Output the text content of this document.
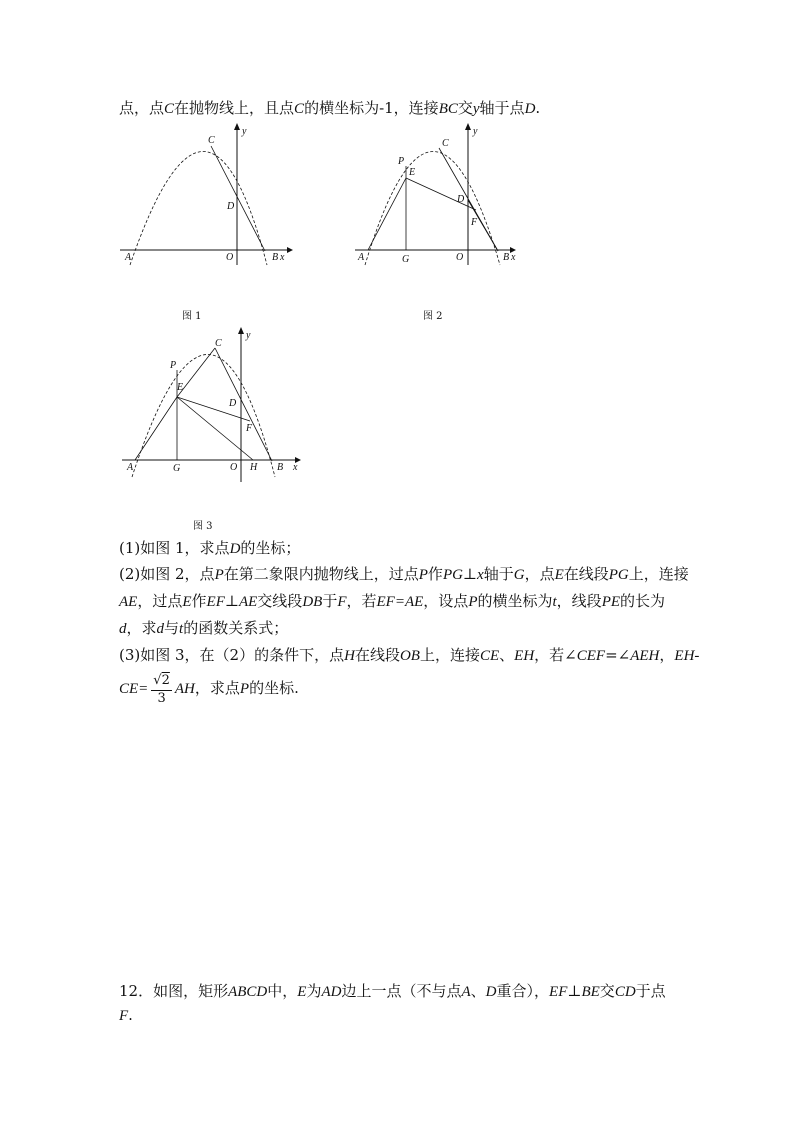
点，点C在抛物线上，且点C的横坐标为-1，连接BC交y轴于点D.
A	O	B x
y
C
D
图 1
A	G	O	B x
y
C
P
E
D
F
图 2
A	G	O H B x
y
C
P
E
D
F
图 3
(1)如图 1，求点D的坐标；
(2)如图 2，点P在第二象限内抛物线上，过点P作PG⊥x轴于G，点E在线段PG上，连接
AE，过点E作EF⊥AE交线段DB于F，若EF=AE，设点P的横坐标为t，线段PE的长为
d，求d与t的函数关系式；
(3)如图 3，在（2）的条件下，点H在线段OB上，连接CE、EH，若∠CEF=∠AEH，EH-
$CE= \frac{√2}{3}$ AH，求点P的坐标.
12．如图，矩形ABCD中，E为AD边上一点（不与点A、D重合），EF⊥BE交CD于点
F.
